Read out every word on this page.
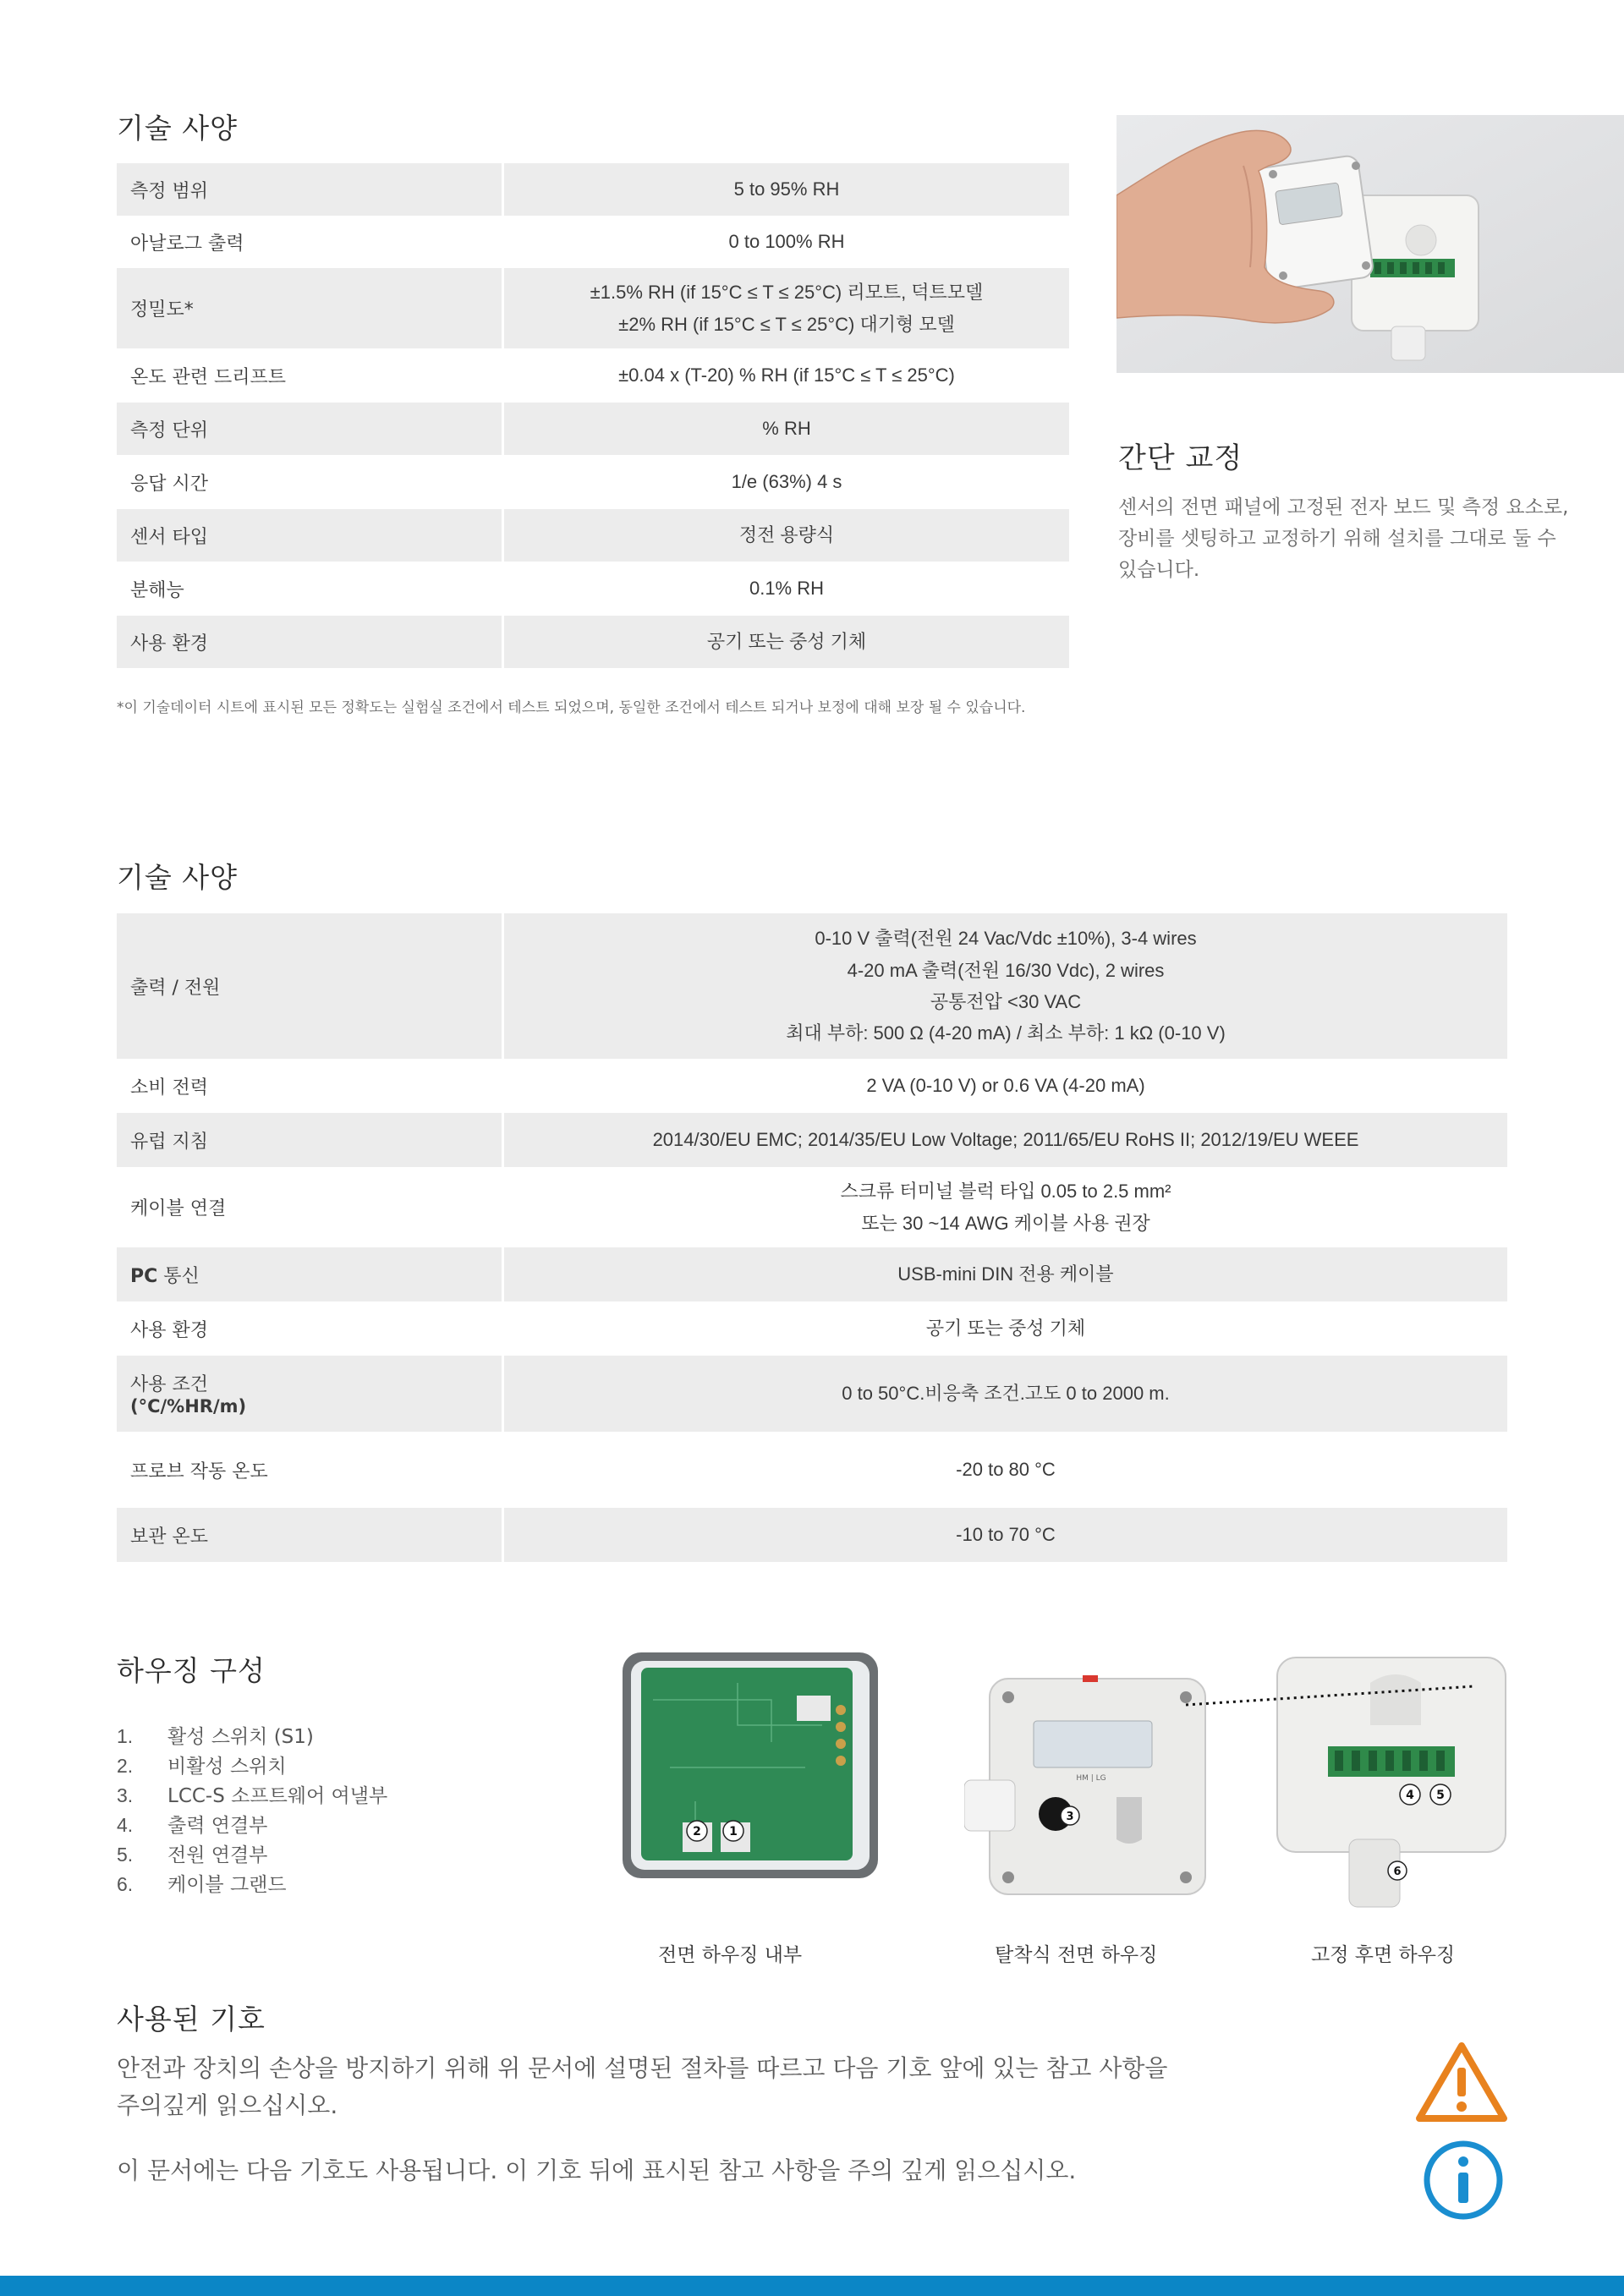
기술 사양
측정 범위	5 to 95% RH

아날로그 출력	0 to 100% RH

정밀도*	±1.5% RH (if 15°C ≤ T ≤ 25°C) 리모트, 덕트모델
±2% RH (if 15°C ≤ T ≤ 25°C) 대기형 모델

온도 관련 드리프트	±0.04 x (T-20) % RH (if 15°C ≤ T ≤ 25°C)

측정 단위	% RH

응답 시간	1/e (63%) 4 s

센서 타입	정전 용량식

분해능	0.1% RH

사용 환경	공기 또는 중성 기체
*이 기술데이터 시트에 표시된 모든 정확도는 실험실 조건에서 테스트 되었으며, 동일한 조건에서 테스트 되거나 보정에 대해 보장 될 수 있습니다.
간단 교정
센서의 전면 패널에 고정된 전자 보드 및 측정 요소로, 장비를 셋팅하고 교정하기 위해 설치를 그대로 둘 수 있습니다.
기술 사양
출력 / 전원	0-10 V 출력(전원 24 Vac/Vdc ±10%), 3-4 wires
4-20 mA 출력(전원 16/30 Vdc), 2 wires
공통전압 <30 VAC
최대 부하: 500 Ω (4-20 mA) / 최소 부하: 1 kΩ (0-10 V)

소비 전력	2 VA (0-10 V) or 0.6 VA (4-20 mA)

유럽 지침	2014/30/EU EMC; 2014/35/EU Low Voltage; 2011/65/EU RoHS II; 2012/19/EU WEEE

케이블 연결	스크류 터미널 블럭 타입 0.05 to 2.5 mm²
또는 30 ~14 AWG 케이블 사용 권장

PC 통신	USB-mini DIN 전용 케이블

사용 환경	공기 또는 중성 기체

사용 조건
(°C/%HR/m)	0 to 50°C.비응축 조건.고도 0 to 2000 m.

프로브 작동 온도	-20 to 80 °C

보관 온도	-10 to 70 °C
하우징 구성
1. 활성 스위치 (S1)
2. 비활성 스위치
3. LCC-S 소프트웨어 여낼부
4. 출력 연결부
5. 전원 연결부
6. 케이블 그랜드
1
2
HM | LG
3
4 5
6
전면 하우징 내부	탈착식 전면 하우징	고정 후면 하우징
사용된 기호
안전과 장치의 손상을 방지하기 위해 위 문서에 설명된 절차를 따르고 다음 기호 앞에 있는 참고 사항을
주의깊게 읽으십시오.
이 문서에는 다음 기호도 사용됩니다. 이 기호 뒤에 표시된 참고 사항을 주의 깊게 읽으십시오.
